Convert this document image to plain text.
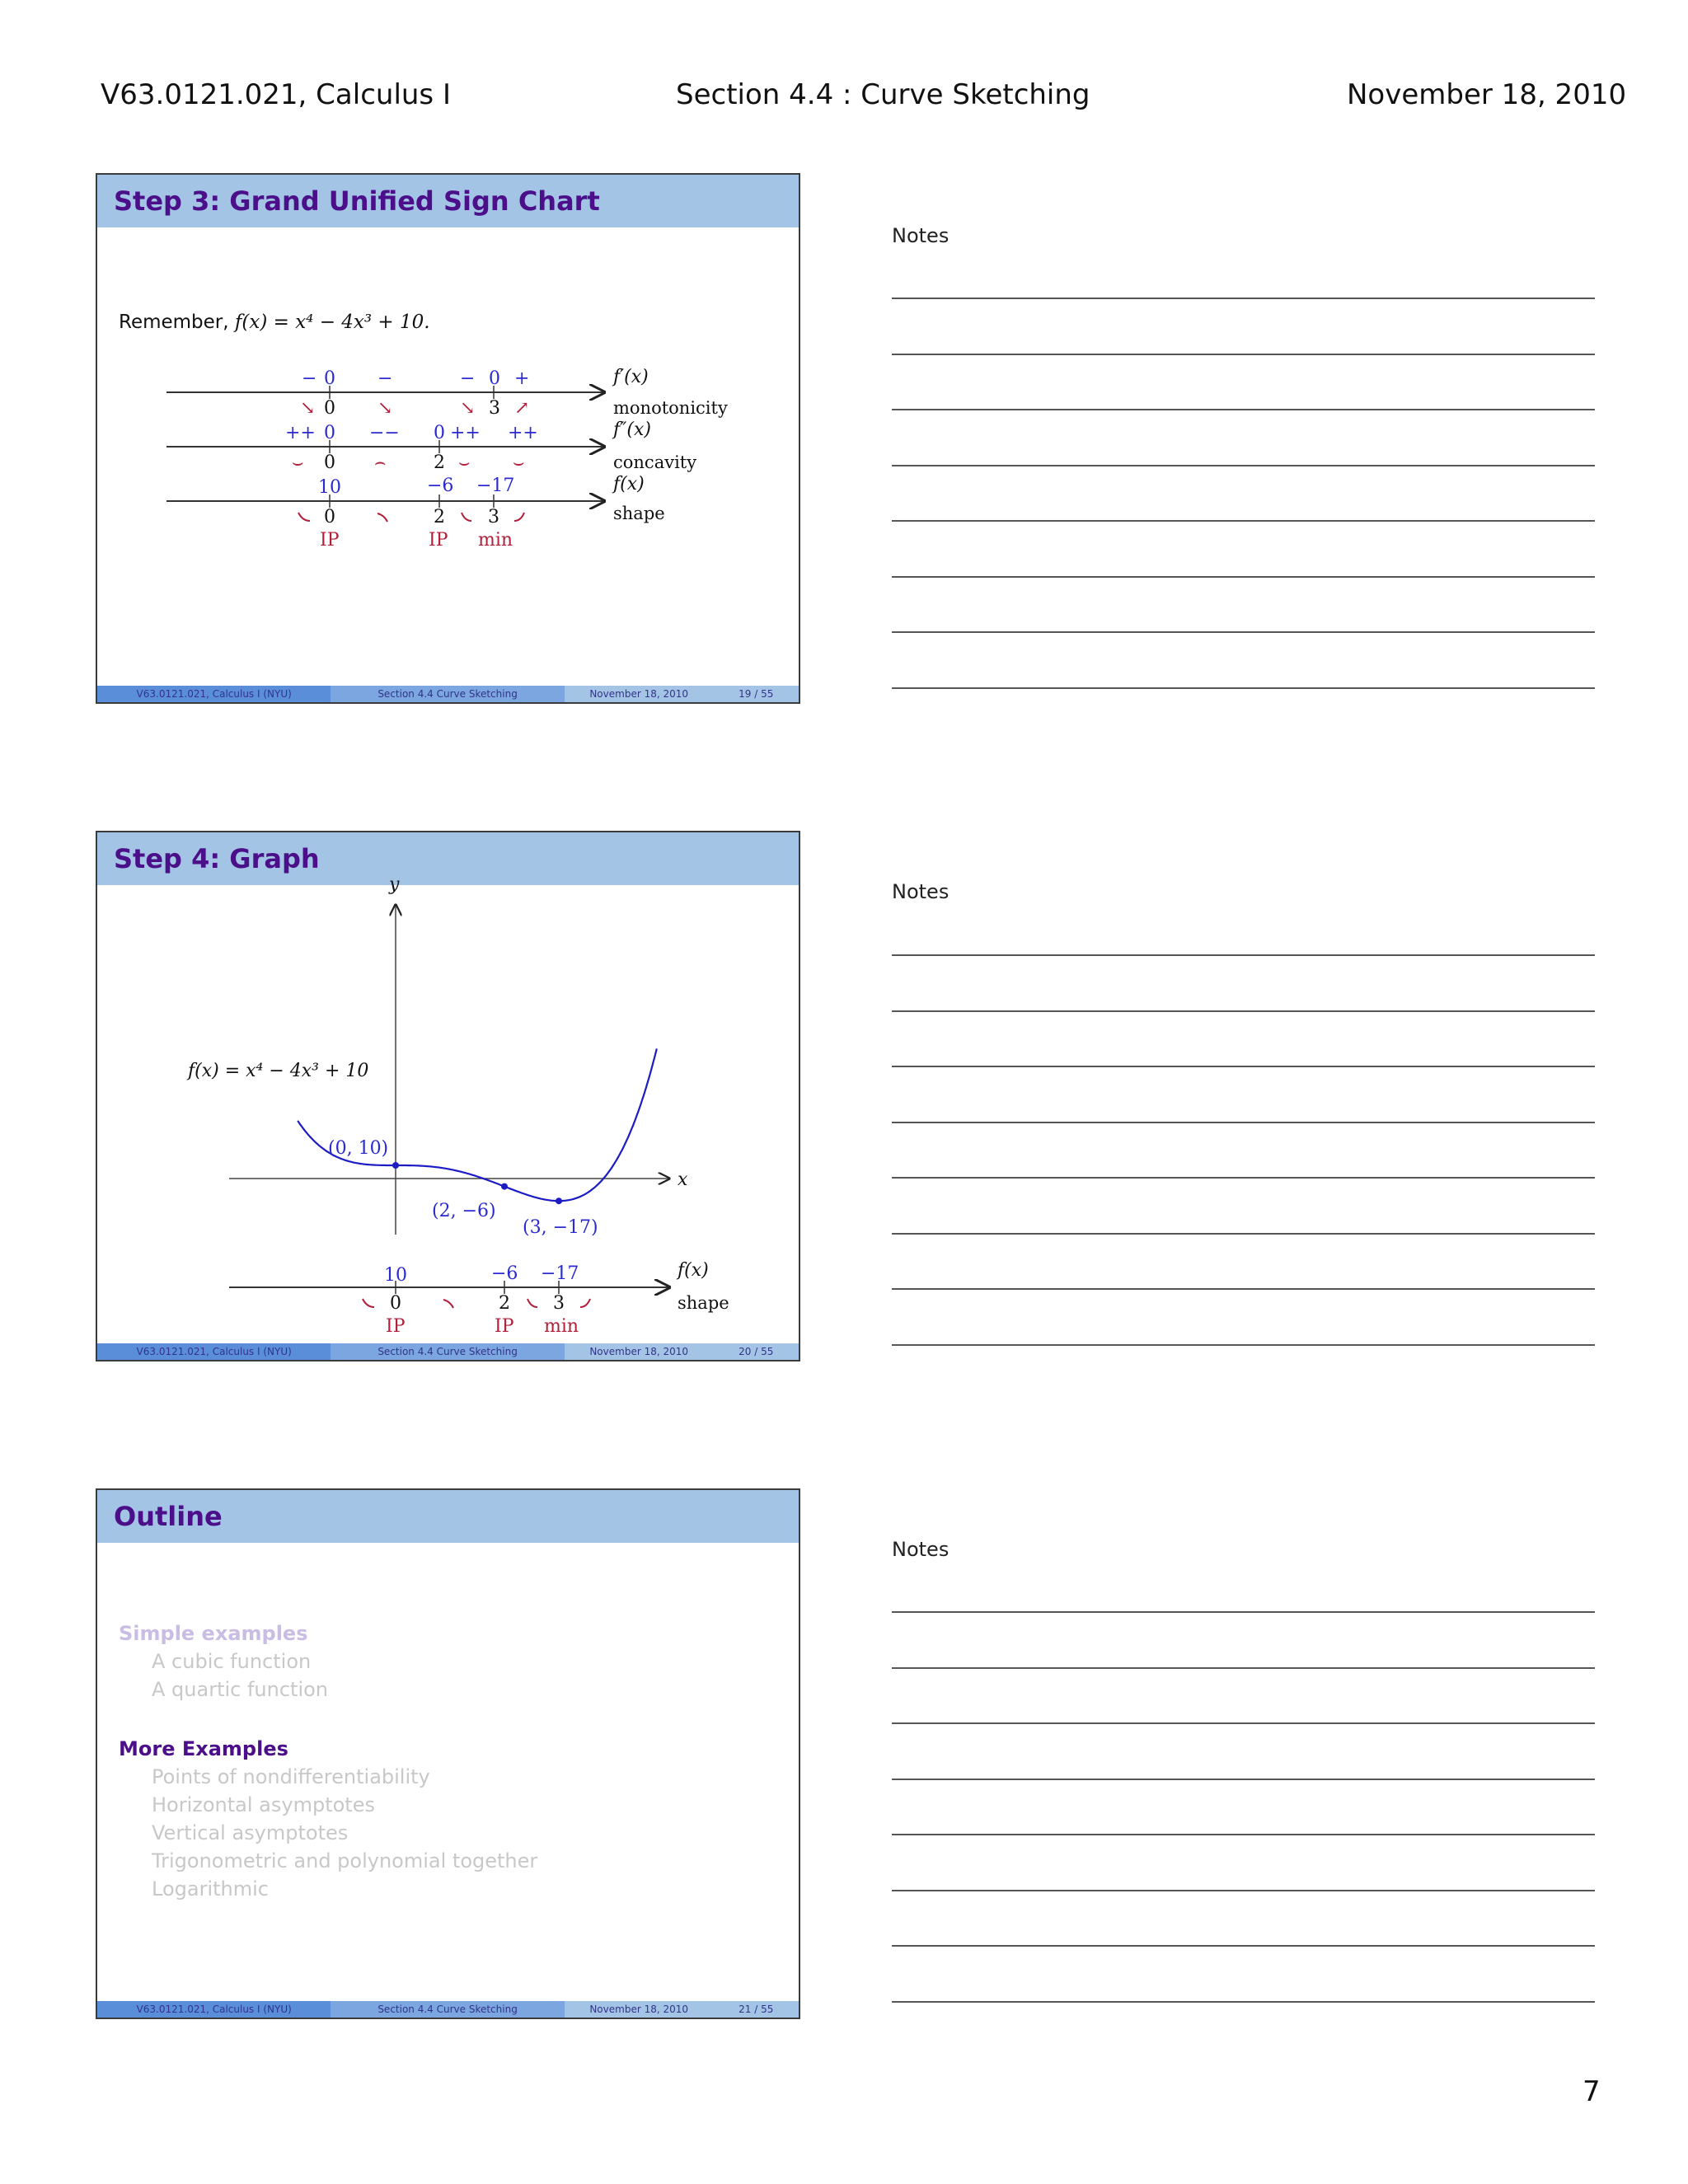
V63.0121.021, Calculus I	Section 4.4 : Curve Sketching	November 18, 2010
Step 3: Grand Unified Sign Chart
Remember, f(x) = x⁴ − 4x³ + 10.
− 0 −	− 0 +	f′(x)
↘ 0 ↘	↘ 3 ↗	monotonicity
++ 0 −− 0 ++ ++	f″(x)
⌣ 0 ⌢	2 ⌣ ⌣	concavity
10	−6 −17	f(x)
0	2 3
IP	IP min
shape
V63.0121.021, Calculus I (NYU)	Section 4.4 Curve Sketching	November 18, 2010	19 / 55
Step 4: Graph
x
y
f(x) = x⁴ − 4x³ + 10
(0, 10)
(2, −6)
(3, −17)
10	−6 −17	f(x)
0	2 3
IP	IP min
shape
V63.0121.021, Calculus I (NYU)	Section 4.4 Curve Sketching	November 18, 2010	20 / 55
Outline
Simple examples
A cubic function
A quartic function
More Examples
Points of nondifferentiability
Horizontal asymptotes
Vertical asymptotes
Trigonometric and polynomial together
Logarithmic
V63.0121.021, Calculus I (NYU)	Section 4.4 Curve Sketching	November 18, 2010	21 / 55
Notes
Notes
Notes
7
